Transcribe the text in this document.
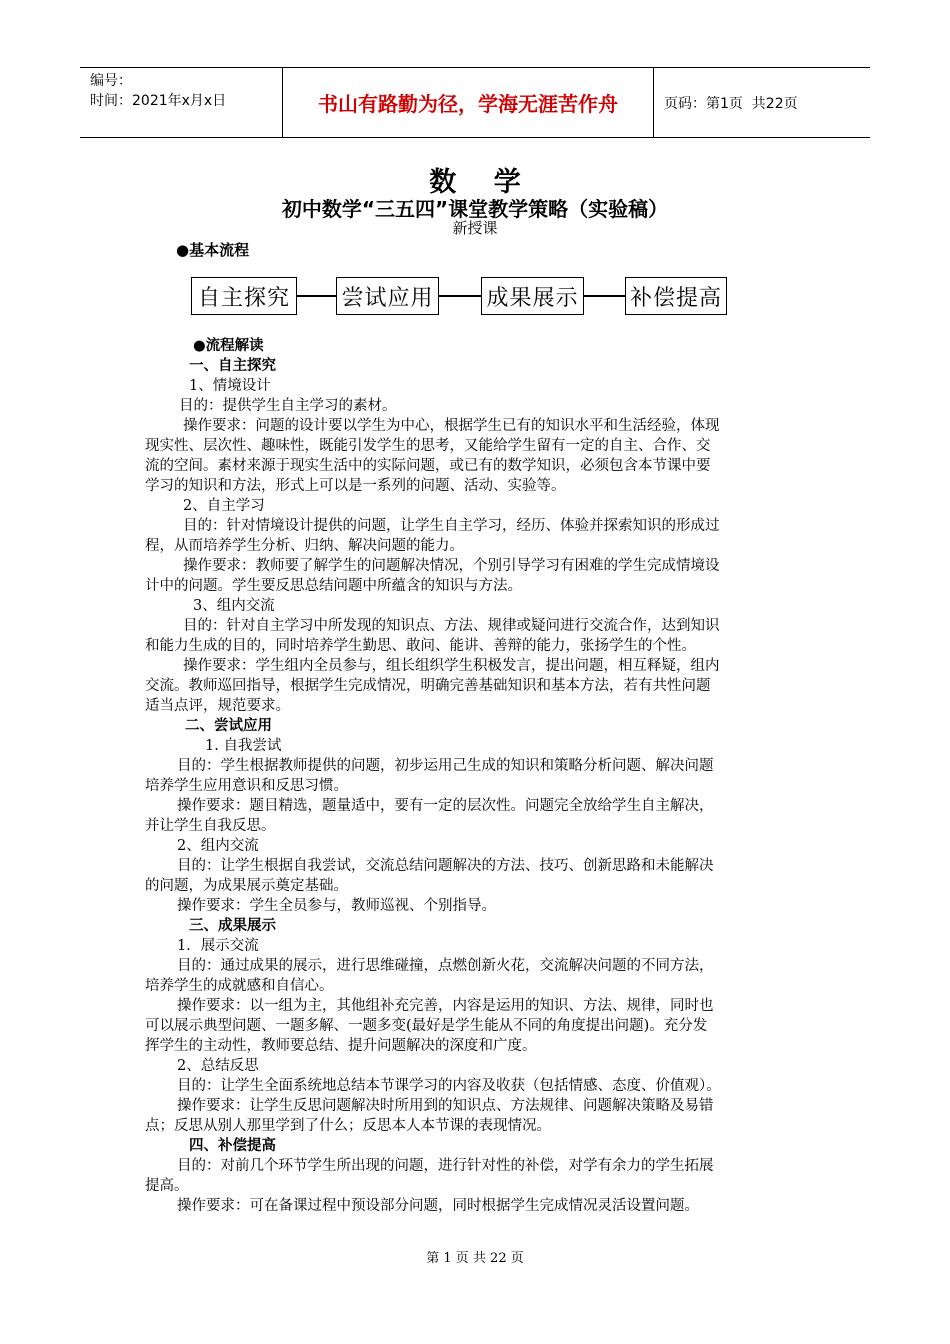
编号：
时间：2021年x月x日	书山有路勤为径，学海无涯苦作舟	页码：第1页  共22页
数    学
初中数学“三五四”课堂教学策略（实验稿）
新授课
●基本流程
自主探究	尝试应用 成果展示 补偿提高
●流程解读
一、自主探究
1、情境设计
目的：提供学生自主学习的素材。
操作要求：问题的设计要以学生为中心，根据学生已有的知识水平和生活经验，体现
现实性、层次性、趣味性，既能引发学生的思考，又能给学生留有一定的自主、合作、交
流的空间。素材来源于现实生活中的实际问题，或已有的数学知识，必须包含本节课中要
学习的知识和方法，形式上可以是一系列的问题、活动、实验等。
2、自主学习
目的：针对情境设计提供的问题，让学生自主学习，经历、体验并探索知识的形成过
程，从而培养学生分析、归纳、解决问题的能力。
操作要求：教师要了解学生的问题解决情况，个别引导学习有困难的学生完成情境设
计中的问题。学生要反思总结问题中所蕴含的知识与方法。
3、组内交流
目的：针对自主学习中所发现的知识点、方法、规律或疑问进行交流合作，达到知识
和能力生成的目的，同时培养学生勤思、敢问、能讲、善辩的能力，张扬学生的个性。
操作要求：学生组内全员参与，组长组织学生积极发言，提出问题，相互释疑，组内
交流。教师巡回指导，根据学生完成情况，明确完善基础知识和基本方法，若有共性问题
适当点评，规范要求。
二、尝试应用
1. 自我尝试
目的：学生根据教师提供的问题，初步运用己生成的知识和策略分析问题、解决问题
培养学生应用意识和反思习惯。
操作要求：题目精选，题量适中，要有一定的层次性。问题完全放给学生自主解决，
并让学生自我反思。
2、组内交流
目的：让学生根据自我尝试，交流总结问题解决的方法、技巧、创新思路和未能解决
的问题，为成果展示奠定基础。
操作要求：学生全员参与，教师巡视、个别指导。
三、成果展示
1．展示交流
目的：通过成果的展示，进行思维碰撞，点燃创新火花，交流解决问题的不同方法，
培养学生的成就感和自信心。
操作要求：以一组为主，其他组补充完善，内容是运用的知识、方法、规律，同时也
可以展示典型问题、一题多解、一题多变(最好是学生能从不同的角度提出问题)。充分发
挥学生的主动性，教师要总结、提升问题解决的深度和广度。
2、总结反思
目的：让学生全面系统地总结本节课学习的内容及收获（包括情感、态度、价值观）。
操作要求：让学生反思问题解决时所用到的知识点、方法规律、问题解决策略及易错
点；反思从别人那里学到了什么；反思本人本节课的表现情况。
四、补偿提高
目的：对前几个环节学生所出现的问题，进行针对性的补偿，对学有余力的学生拓展
提高。
操作要求：可在备课过程中预设部分问题，同时根据学生完成情况灵活设置问题。
第 1 页 共 22 页
